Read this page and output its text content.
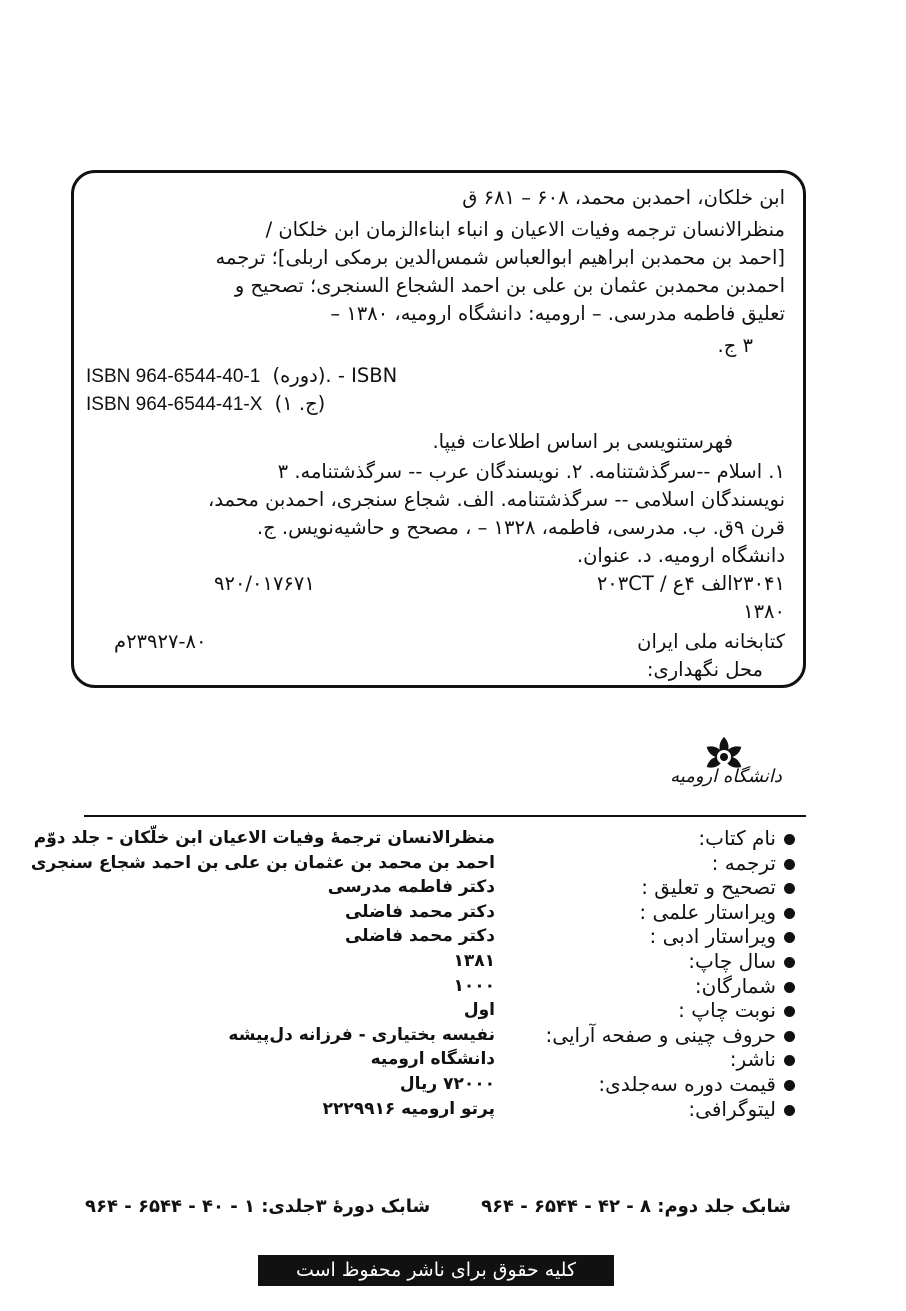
ابن خلکان، احمدبن محمد، ۶۰۸ – ۶۸۱ ق
منظرالانسان ترجمه وفیات الاعیان و انباء ابناءالزمان ابن خلکان /
[احمد بن محمدبن ابراهیم ابوالعباس شمس‌الدین برمکی اربلی]؛ ترجمه
احمدبن محمدبن عثمان بن علی بن احمد الشجاع السنجری؛ تصحیح و
تعلیق فاطمه مدرسی. – ارومیه: دانشگاه ارومیه، ۱۳۸۰ –
۳ ج.
ISBN 964-6544-40-1 ISBN - .(دوره)
ISBN 964-6544-41-X (ج. ۱)
فهرستنویسی بر اساس اطلاعات فیپا.
۱. اسلام --سرگذشتنامه. ۲. نویسندگان عرب -- سرگذشتنامه. ۳
نویسندگان اسلامی -- سرگذشتنامه. الف. شجاع سنجری، احمدبن محمد،
قرن ۹ق. ب. مدرسی، فاطمه، ۱۳۲۸ – ، مصحح و حاشیه‌نویس. ج.
دانشگاه ارومیه. د. عنوان.
۲۳۰۴۱الف ۴ع / ۲۰۳CT
۹۲۰/۰۱۷۶۷۱
۱۳۸۰
کتابخانه ملی ایران
۲۳۹۲۷-۸۰م
محل نگهداری:
دانشگاه ارومیه
نام کتاب:
منظرالانسان ترجمهٔ وفیات الاعیان ابن خلّکان - جلد دوّم
ترجمه :
احمد بن محمد بن عثمان بن علی بن احمد شجاع سنجری
تصحیح و تعلیق :
دکتر فاطمه مدرسی
ویراستار علمی :
دکتر محمد فاضلی
ویراستار ادبی :
دکتر محمد فاضلی
سال چاپ:
۱۳۸۱
شمارگان:
۱۰۰۰
نوبت چاپ :
اول
حروف چینی و صفحه آرایی:
نفیسه بختیاری - فرزانه دل‌پیشه
ناشر:
دانشگاه ارومیه
قیمت دوره سه‌جلدی:
۷۲۰۰۰ ریال
لیتوگرافی:
پرتو ارومیه ۲۲۲۹۹۱۶
شابک جلد دوم: ۸ - ۴۲ - ۶۵۴۴ - ۹۶۴
شابک دورهٔ ۳جلدی: ۱ - ۴۰ - ۶۵۴۴ - ۹۶۴
کلیه حقوق برای ناشر محفوظ است
